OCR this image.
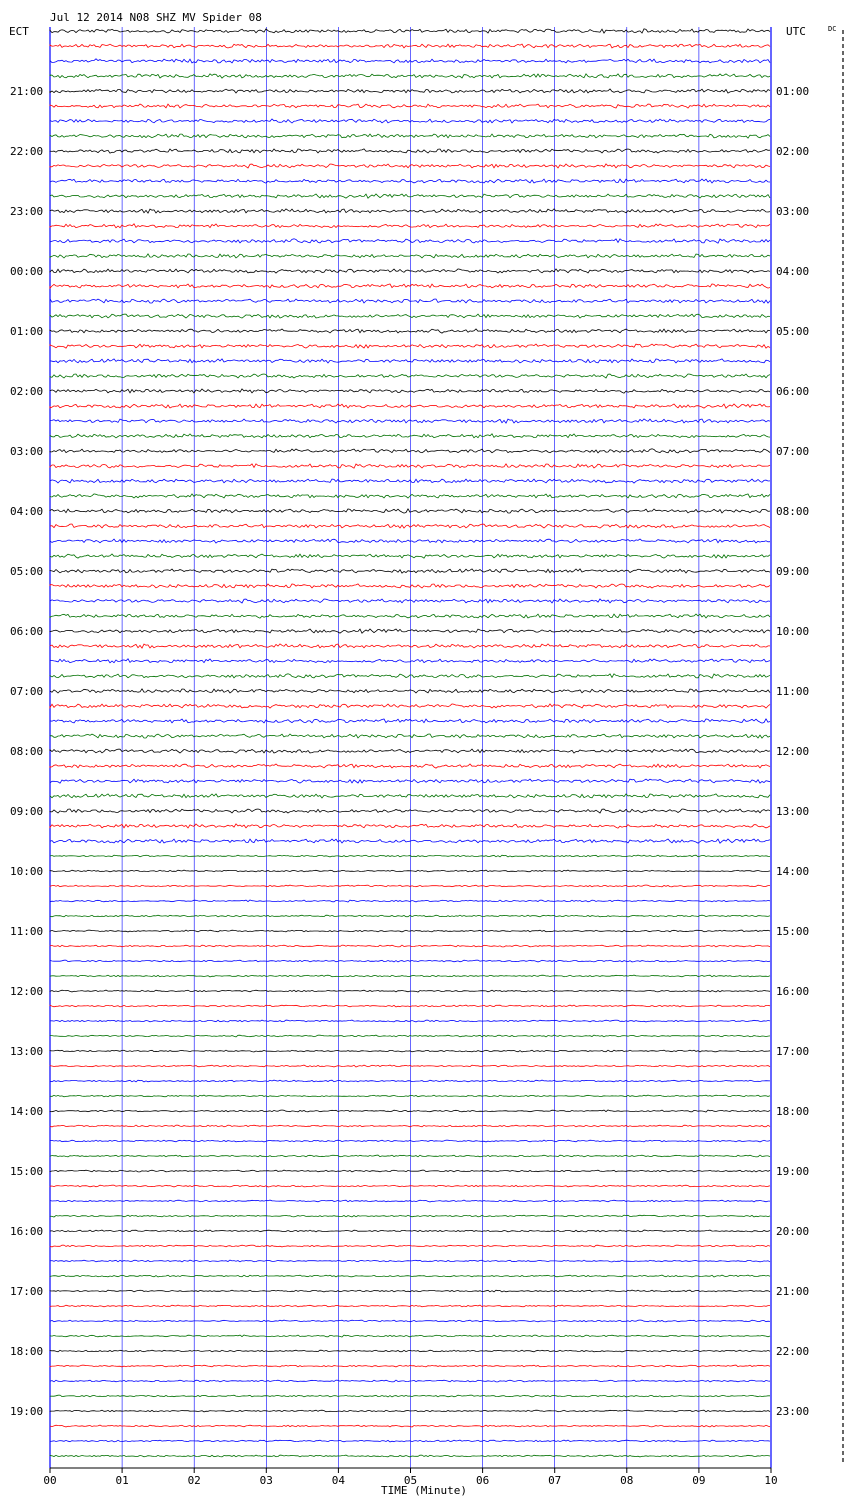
00	01	02	03	04	05	06	07	08	09	10
21:00
22:00
23:00
00:00
01:00
02:00
03:00
04:00
05:00
06:00
07:00
08:00
09:00
10:00
11:00
12:00
13:00
14:00
15:00
16:00
17:00
18:00
19:00
01:00
02:00
03:00
04:00
05:00
06:00
07:00
08:00
09:00
10:00
11:00
12:00
13:00
14:00
15:00
16:00
17:00
18:00
19:00
20:00
21:00
22:00
23:00
Jul 12 2014 N08 SHZ MV Spider 08
ECT	UTC	DC
TIME (Minute)
